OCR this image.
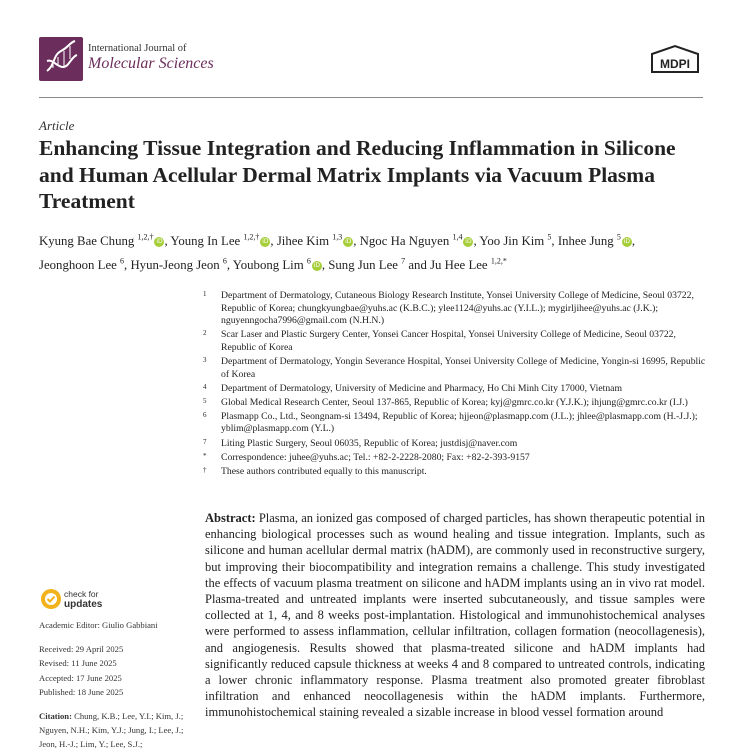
International Journal of
Molecular Sciences	MDPI
Article
Enhancing Tissue Integration and Reducing Inflammation in Silicone and Human Acellular Dermal Matrix Implants via Vacuum Plasma Treatment
Kyung Bae Chung $^{1,2,\dagger}$ iD , Young In Lee $^{1,2,\dagger}$ iD , Jihee Kim $^{1,3}$ iD , Ngoc Ha Nguyen $^{1,4}$ iD , Yoo Jin Kim $^5$, Inhee Jung $^5$ iD ,
Jeonghoon Lee $^6$, Hyun-Jeong Jeon $^6$, Youbong Lim $^6$ iD , Sung Jun Lee $^7$ and Ju Hee Lee $^{1,2,*}$
1 Department of Dermatology, Cutaneous Biology Research Institute, Yonsei University College of Medicine, Seoul 03722, Republic of Korea; chungkyungbae@yuhs.ac (K.B.C.); ylee1124@yuhs.ac (Y.I.L.); mygirljihee@yuhs.ac (J.K.); nguyenngocha7996@gmail.com (N.H.N.)
2 Scar Laser and Plastic Surgery Center, Yonsei Cancer Hospital, Yonsei University College of Medicine, Seoul 03722, Republic of Korea
3 Department of Dermatology, Yongin Severance Hospital, Yonsei University College of Medicine, Yongin-si 16995, Republic of Korea
4 Department of Dermatology, University of Medicine and Pharmacy, Ho Chi Minh City 17000, Vietnam
5 Global Medical Research Center, Seoul 137-865, Republic of Korea; kyj@gmrc.co.kr (Y.J.K.); ihjung@gmrc.co.kr (I.J.)
6 Plasmapp Co., Ltd., Seongnam-si 13494, Republic of Korea; hjjeon@plasmapp.com (J.L.); jhlee@plasmapp.com (H.-J.J.); yblim@plasmapp.com (Y.L.)
7 Liting Plastic Surgery, Seoul 06035, Republic of Korea; justdisj@naver.com
* Correspondence: juhee@yuhs.ac; Tel.: +82-2-2228-2080; Fax: +82-2-393-9157
† These authors contributed equally to this manuscript.
check for
updates
Academic Editor: Giulio Gabbiani
Received: 29 April 2025
Revised: 11 June 2025
Accepted: 17 June 2025
Published: 18 June 2025
Citation: Chung, K.B.; Lee, Y.I.; Kim, J.; Nguyen, N.H.; Kim, Y.J.; Jung, I.; Lee, J.; Jeon, H.-J.; Lim, Y.; Lee, S.J.;
Abstract: Plasma, an ionized gas composed of charged particles, has shown therapeutic potential in enhancing biological processes such as wound healing and tissue integration. Implants, such as silicone and human acellular dermal matrix (hADM), are commonly used in reconstructive surgery, but improving their biocompatibility and integration remains a challenge. This study investigated the effects of vacuum plasma treatment on silicone and hADM implants using an in vivo rat model. Plasma-treated and untreated implants were inserted subcutaneously, and tissue samples were collected at 1, 4, and 8 weeks post-implantation. Histological and immunohistochemical analyses were performed to assess inflammation, cellular infiltration, collagen formation (neocollagenesis), and angiogenesis. Results showed that plasma-treated silicone and hADM implants had significantly reduced capsule thickness at weeks 4 and 8 compared to untreated controls, indicating a lower chronic inflammatory response. Plasma treatment also promoted greater fibroblast infiltration and enhanced neocollagenesis within the hADM implants. Furthermore, immunohistochemical staining revealed a sizable increase in blood vessel formation around
